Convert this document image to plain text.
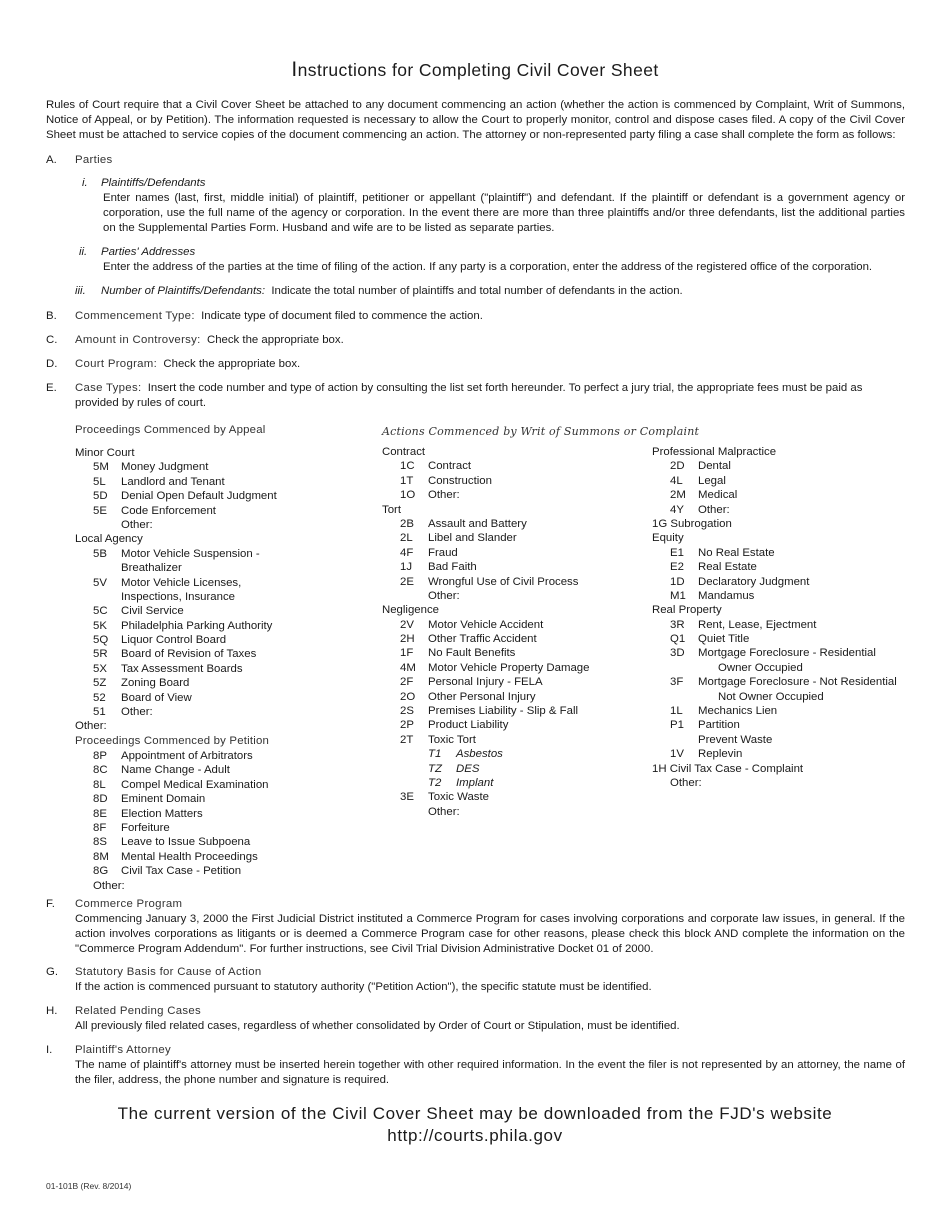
Instructions for Completing Civil Cover Sheet
Rules of Court require that a Civil Cover Sheet be attached to any document commencing an action (whether the action is commenced by Complaint, Writ of Summons, Notice of Appeal, or by Petition). The information requested is necessary to allow the Court to properly monitor, control and dispose cases filed. A copy of the Civil Cover Sheet must be attached to service copies of the document commencing an action. The attorney or non-represented party filing a case shall complete the form as follows:
A. Parties
i. Plaintiffs/Defendants
Enter names (last, first, middle initial) of plaintiff, petitioner or appellant ("plaintiff") and defendant. If the plaintiff or defendant is a government agency or corporation, use the full name of the agency or corporation. In the event there are more than three plaintiffs and/or three defendants, list the additional parties on the Supplemental Parties Form. Husband and wife are to be listed as separate parties.
ii. Parties' Addresses
Enter the address of the parties at the time of filing of the action. If any party is a corporation, enter the address of the registered office of the corporation.
iii. Number of Plaintiffs/Defendants: Indicate the total number of plaintiffs and total number of defendants in the action.
B. Commencement Type: Indicate type of document filed to commence the action.
C. Amount in Controversy: Check the appropriate box.
D. Court Program: Check the appropriate box.
E. Case Types: Insert the code number and type of action by consulting the list set forth hereunder. To perfect a jury trial, the appropriate fees must be paid as provided by rules of court.
Proceedings Commenced by Appeal
Minor Court
5M	Money Judgment
5L	Landlord and Tenant
5D	Denial Open Default Judgment
5E	Code Enforcement
Other:
Local Agency
5B	Motor Vehicle Suspension -
Breathalizer
5V	Motor Vehicle Licenses,
Inspections, Insurance
5C	Civil Service
5K	Philadelphia Parking Authority
5Q	Liquor Control Board
5R	Board of Revision of Taxes
5X	Tax Assessment Boards
5Z	Zoning Board
52	Board of View
51	Other:
Other:
Proceedings Commenced by Petition
8P	Appointment of Arbitrators
8C	Name Change - Adult
8L	Compel Medical Examination
8D	Eminent Domain
8E	Election Matters
8F	Forfeiture
8S	Leave to Issue Subpoena
8M	Mental Health Proceedings
8G	Civil Tax Case - Petition
Other:
Actions Commenced by Writ of Summons or Complaint
Contract
1C	Contract
1T	Construction
1O	Other:
Tort
2B	Assault and Battery
2L	Libel and Slander
4F	Fraud
1J	Bad Faith
2E	Wrongful Use of Civil Process
Other:
Negligence
2V	Motor Vehicle Accident
2H	Other Traffic Accident
1F	No Fault Benefits
4M	Motor Vehicle Property Damage
2F	Personal Injury - FELA
2O	Other Personal Injury
2S	Premises Liability - Slip & Fall
2P	Product Liability
2T	Toxic Tort
T1 Asbestos
TZ DES
T2 Implant
3E	Toxic Waste
Other:
Professional Malpractice
2D	Dental
4L	Legal
2M	Medical
4Y	Other:
1G Subrogation
Equity
E1	No Real Estate
E2	Real Estate
1D	Declaratory Judgment
M1	Mandamus
Real Property
3R	Rent, Lease, Ejectment
Q1	Quiet Title
3D	Mortgage Foreclosure - Residential
Owner Occupied
3F	Mortgage Foreclosure - Not Residential
Not Owner Occupied
1L	Mechanics Lien
P1	Partition
Prevent Waste
1V	Replevin
1H Civil Tax Case - Complaint
Other:
F. Commerce Program
Commencing January 3, 2000 the First Judicial District instituted a Commerce Program for cases involving corporations and corporate law issues, in general. If the action involves corporations as litigants or is deemed a Commerce Program case for other reasons, please check this block AND complete the information on the "Commerce Program Addendum". For further instructions, see Civil Trial Division Administrative Docket 01 of 2000.
G. Statutory Basis for Cause of Action
If the action is commenced pursuant to statutory authority ("Petition Action"), the specific statute must be identified.
H. Related Pending Cases
All previously filed related cases, regardless of whether consolidated by Order of Court or Stipulation, must be identified.
I. Plaintiff's Attorney
The name of plaintiff's attorney must be inserted herein together with other required information. In the event the filer is not represented by an attorney, the name of the filer, address, the phone number and signature is required.
The current version of the Civil Cover Sheet may be downloaded from the FJD's website
http://courts.phila.gov
01-101B (Rev. 8/2014)
